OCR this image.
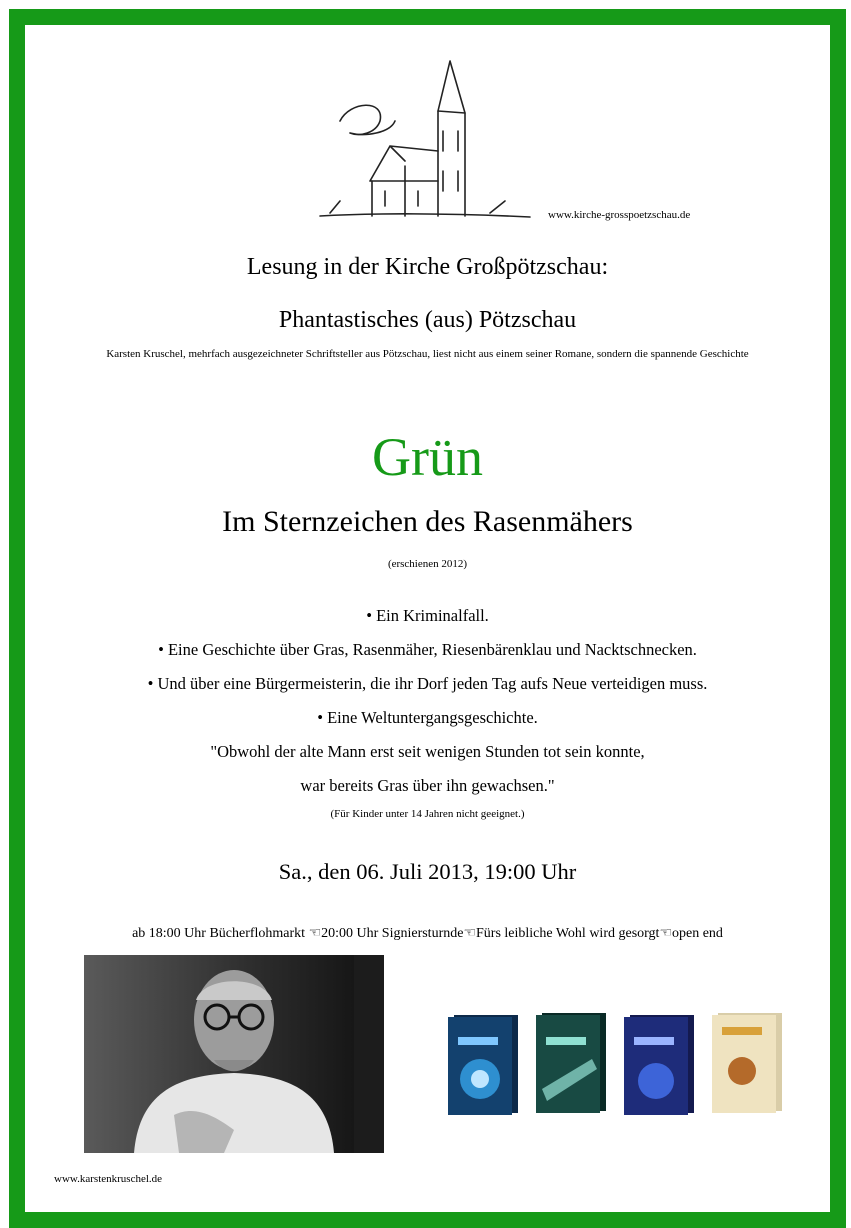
www.kirche-grosspoetzschau.de
Lesung in der Kirche Großpötzschau:
Phantastisches (aus) Pötzschau
Karsten Kruschel, mehrfach ausgezeichneter Schriftsteller aus Pötzschau, liest nicht aus einem seiner Romane, sondern die spannende Geschichte
Grün
Im Sternzeichen des Rasenmähers
(erschienen 2012)
• Ein Kriminalfall.
• Eine Geschichte über Gras, Rasenmäher, Riesenbärenklau und Nacktschnecken.
• Und über eine Bürgermeisterin, die ihr Dorf jeden Tag aufs Neue verteidigen muss.
• Eine Weltuntergangsgeschichte.
"Obwohl der alte Mann erst seit wenigen Stunden tot sein konnte,
war bereits Gras über ihn gewachsen."
(Für Kinder unter 14 Jahren nicht geeignet.)
Sa., den 06. Juli 2013, 19:00 Uhr
ab 18:00 Uhr Bücherflohmarkt ☜20:00 Uhr Signiersturnde☜Fürs leibliche Wohl wird gesorgt☜open end
www.karstenkruschel.de
